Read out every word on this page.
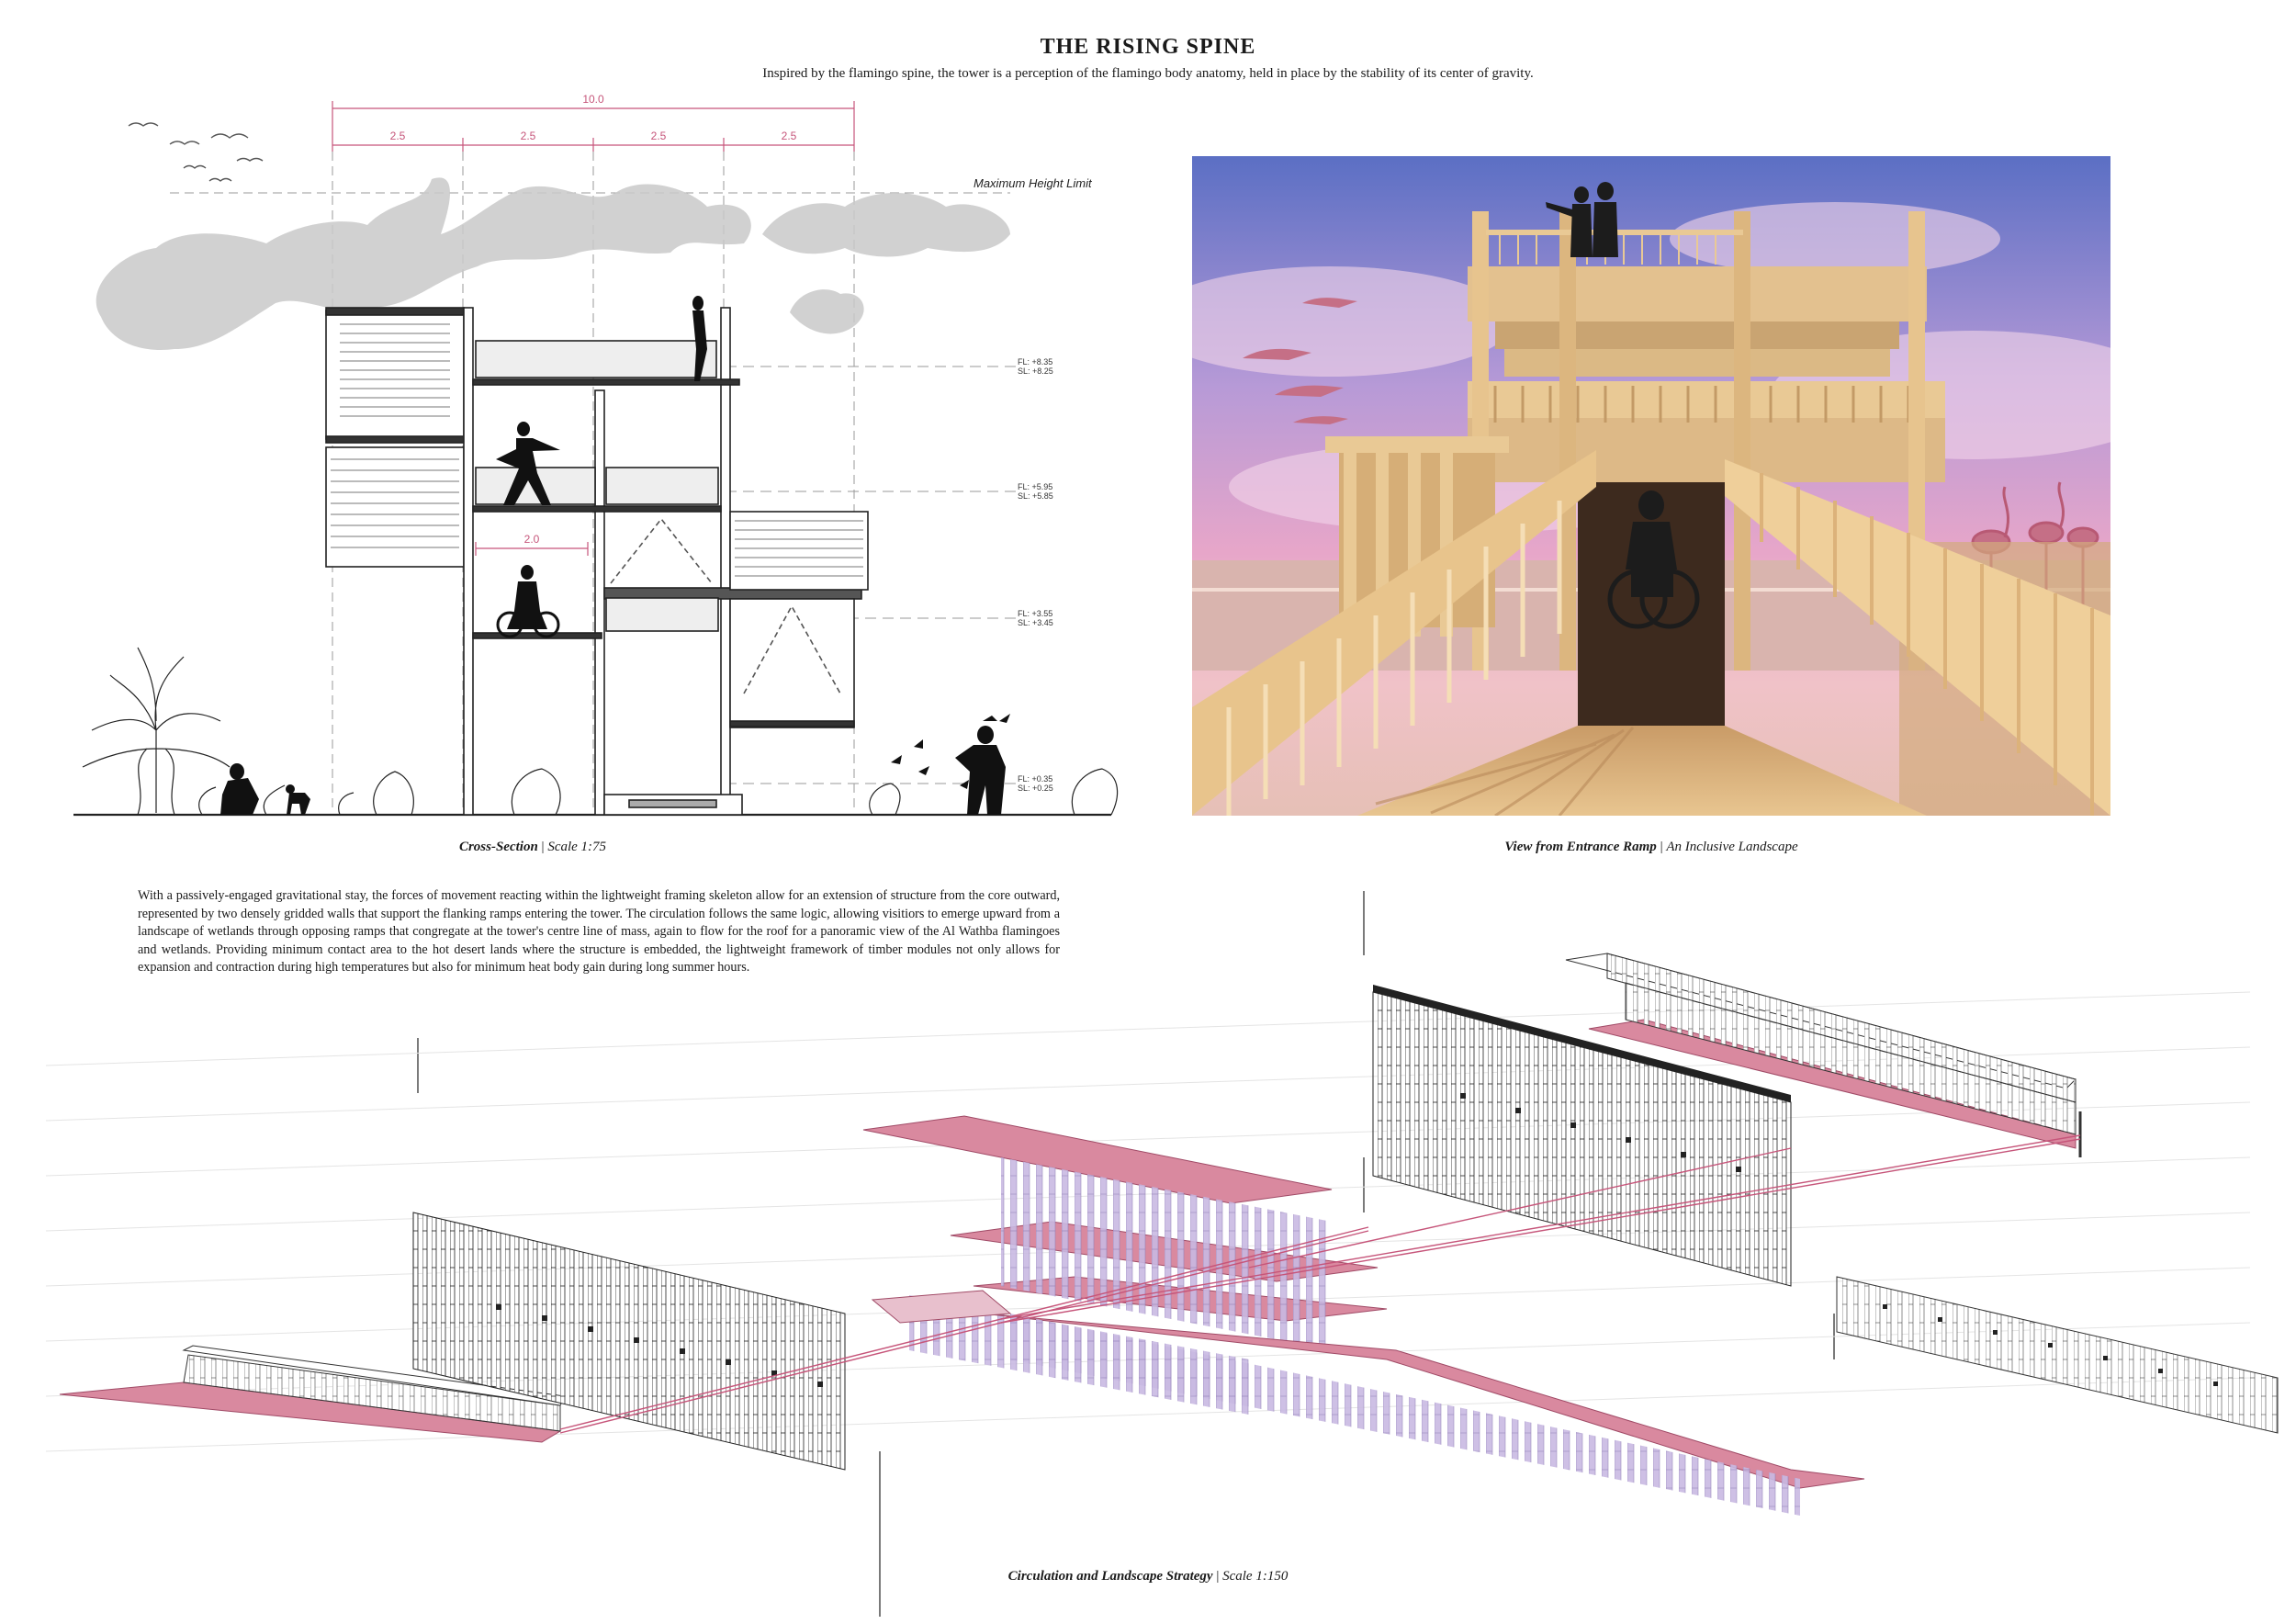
THE RISING SPINE
Inspired by the flamingo spine, the tower is a perception of the flamingo body anatomy, held in place by the stability of its center of gravity.
10.0
2.5	2.5	2.5	2.5
Maximum Height Limit
FL: +8.35
SL: +8.25
FL: +5.95
SL: +5.85
FL: +3.55
SL: +3.45
FL: +0.35
SL: +0.25
2.0
Cross-Section | Scale 1:75	View from Entrance Ramp | An Inclusive Landscape
With a passively-engaged gravitational stay, the forces of movement reacting within the lightweight framing skeleton allow for an extension of structure from the core outward, represented by two densely gridded walls that support the flanking ramps entering the tower. The circulation follows the same logic, allowing visitiors to emerge upward from a landscape of wetlands through opposing ramps that congregate at the tower's centre line of mass, again to flow for the roof for a panoramic view of the Al Wathba flamingoes and wetlands. Providing minimum contact area to the hot desert lands where the structure is embedded, the lightweight framework of timber modules not only allows for expansion and contraction during high temperatures but also for minimum heat body gain during long summer hours.
Circulation and Landscape Strategy | Scale 1:150
